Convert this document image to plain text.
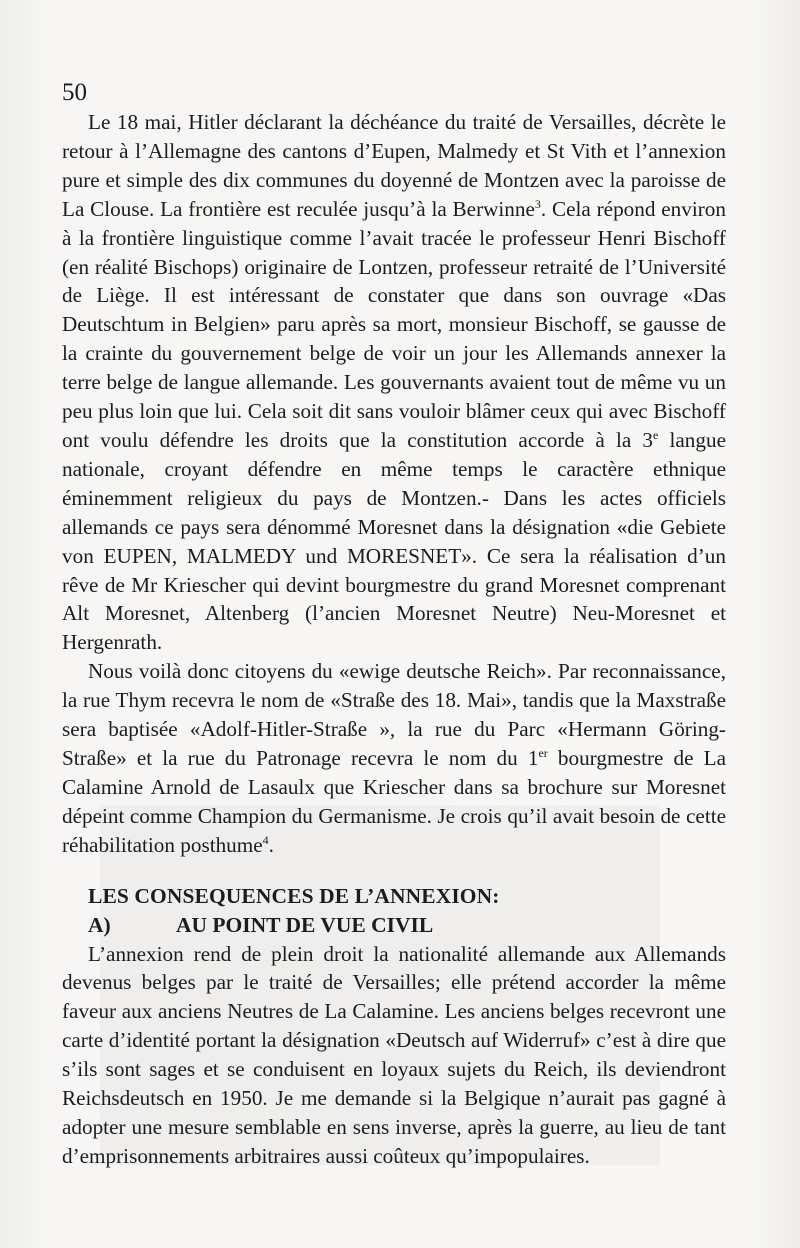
50

Le 18 mai, Hitler déclarant la déchéance du traité de Versailles, décrète le retour à l’Allemagne des cantons d’Eupen, Malmedy et St Vith et l’annexion pure et simple des dix communes du doyenné de Montzen avec la paroisse de La Clouse. La frontière est reculée jusqu’à la Berwinne$^3$. Cela répond environ à la frontière linguistique comme l’avait tracée le professeur Henri Bischoff (en réalité Bischops) originaire de Lontzen, professeur retraité de l’Université de Liège. Il est intéressant de constater que dans son ouvrage «Das Deutschtum in Belgien» paru après sa mort, monsieur Bischoff, se gausse de la crainte du gouvernement belge de voir un jour les Allemands annexer la terre belge de langue allemande. Les gouvernants avaient tout de même vu un peu plus loin que lui. Cela soit dit sans vouloir blâmer ceux qui avec Bischoff ont voulu défendre les droits que la constitution accorde à la 3e langue nationale, croyant défendre en même temps le caractère ethnique éminemment religieux du pays de Montzen.- Dans les actes officiels allemands ce pays sera dénommé Moresnet dans la désignation «die Gebiete von EUPEN, MALMEDY und MORESNET». Ce sera la réalisation d’un rêve de Mr Kriescher qui devint bourgmestre du grand Moresnet comprenant Alt Moresnet, Altenberg (l’ancien Moresnet Neutre) Neu-Moresnet et Hergenrath.

Nous voilà donc citoyens du «ewige deutsche Reich». Par reconnaissance, la rue Thym recevra le nom de «Straße des 18. Mai», tandis que la Maxstraße sera baptisée «Adolf-Hitler-Straße », la rue du Parc «Hermann Göring-Straße» et la rue du Patronage recevra le nom du 1er bourgmestre de La Calamine Arnold de Lasaulx que Kriescher dans sa brochure sur Moresnet dépeint comme Champion du Germanisme. Je crois qu’il avait besoin de cette réhabilitation posthume$^4$.

LES CONSEQUENCES DE L’ANNEXION:
A)	AU POINT DE VUE CIVIL

L’annexion rend de plein droit la nationalité allemande aux Allemands devenus belges par le traité de Versailles; elle prétend accorder la même faveur aux anciens Neutres de La Calamine. Les anciens belges recevront une carte d’identité portant la désignation «Deutsch auf Widerruf» c’est à dire que s’ils sont sages et se conduisent en loyaux sujets du Reich, ils deviendront Reichsdeutsch en 1950. Je me demande si la Belgique n’aurait pas gagné à adopter une mesure semblable en sens inverse, après la guerre, au lieu de tant d’emprisonnements arbitraires aussi coûteux qu’impopulaires.
